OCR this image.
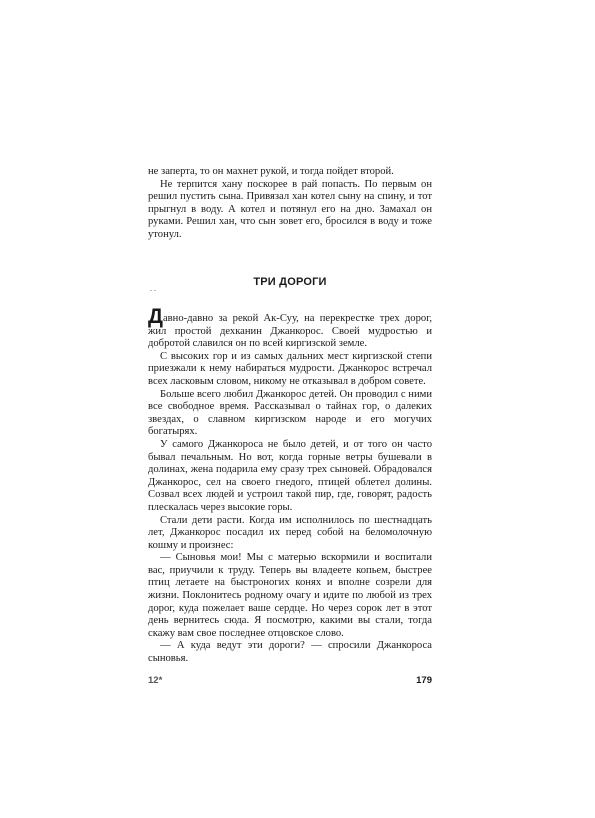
не заперта, то он махнет рукой, и тогда пойдет второй.

Не терпится хану поскорее в рай попасть. По первым он решил пустить сына. Привязал хан котел сыну на спину, и тот прыгнул в воду. А котел и потянул его на дно. Замахал он руками. Решил хан, что сын зовет его, бросился в воду и тоже утонул.

. .
ТРИ ДОРОГИ

Давно-давно за рекой Ак-Суу, на перекрестке трех дорог, жил простой дехканин Джанкорос. Своей мудростью и добротой славился он по всей киргизской земле.

С высоких гор и из самых дальних мест киргизской степи приезжали к нему набираться мудрости. Джанкорос встречал всех ласковым словом, никому не отказывал в добром совете.

Больше всего любил Джанкорос детей. Он проводил с ними все свободное время. Рассказывал о тайнах гор, о далеких звездах, о славном киргизском народе и его могучих богатырях.

У самого Джанкороса не было детей, и от того он часто бывал печальным. Но вот, когда горные ветры бушевали в долинах, жена подарила ему сразу трех сыновей. Обрадовался Джанкорос, сел на своего гнедого, птицей облетел долины. Созвал всех людей и устроил такой пир, где, говорят, радость плескалась через высокие горы.

Стали дети расти. Когда им исполнилось по шестнадцать лет, Джанкорос посадил их перед собой на беломолочную кошму и произнес:

— Сыновья мои! Мы с матерью вскормили и воспитали вас, приучили к труду. Теперь вы владеете копьем, быстрее птиц летаете на быстроногих конях и вполне созрели для жизни. Поклонитесь родному очагу и идите по любой из трех дорог, куда пожелает ваше сердце. Но через сорок лет в этот день вернитесь сюда. Я посмотрю, какими вы стали, тогда скажу вам свое последнее отцовское слово.

— А куда ведут эти дороги? — спросили Джанкороса сыновья.

12*	179
